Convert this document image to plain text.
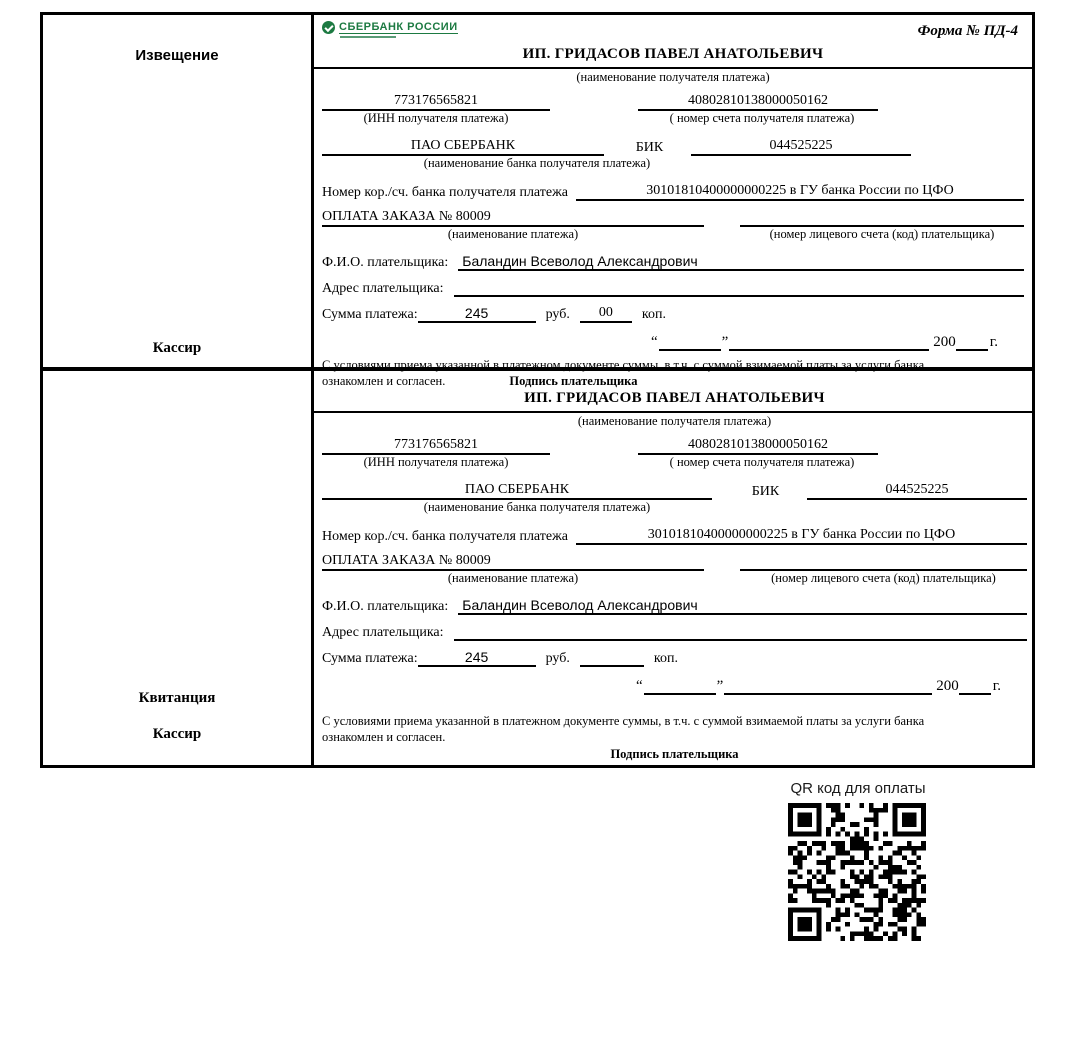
Извещение
Кассир
СБЕРБАНК РОССИИ	Форма № ПД-4
ИП. ГРИДАСОВ ПАВЕЛ АНАТОЛЬЕВИЧ
(наименование получателя платежа)
773176565821	40802810138000050162
(ИНН получателя платежа)	( номер счета получателя платежа)
ПАО СБЕРБАНК	БИК	044525225
(наименование банка получателя платежа)
Номер кор./сч. банка получателя платежа	30101810400000000225 в ГУ банка России по ЦФО
ОПЛАТА ЗАКАЗА № 80009
(наименование платежа)	(номер лицевого счета (код) плательщика)
Ф.И.О. плательщика: Баландин Всеволод Александрович
Адрес плательщика:
Сумма платежа:	245	руб.	00	коп.
“	”	200 г.
С условиями приема указанной в платежном документе суммы, в т.ч. с суммой взимаемой платы за услуги банка ознакомлен и согласен.	Подпись плательщика
Квитанция
Кассир
ИП. ГРИДАСОВ ПАВЕЛ АНАТОЛЬЕВИЧ
(наименование получателя платежа)
773176565821	40802810138000050162
(ИНН получателя платежа)	( номер счета получателя платежа)
ПАО СБЕРБАНК	БИК	044525225
(наименование банка получателя платежа)
Номер кор./сч. банка получателя платежа	30101810400000000225 в ГУ банка России по ЦФО
ОПЛАТА ЗАКАЗА № 80009
(наименование платежа)	(номер лицевого счета (код) плательщика)
Ф.И.О. плательщика: Баландин Всеволод Александрович
Адрес плательщика:
Сумма платежа:	245	руб.	коп.
“	”	200 г.
С условиями приема указанной в платежном документе суммы, в т.ч. с суммой взимаемой платы за услуги банка ознакомлен и согласен.
Подпись плательщика
QR код для оплаты
